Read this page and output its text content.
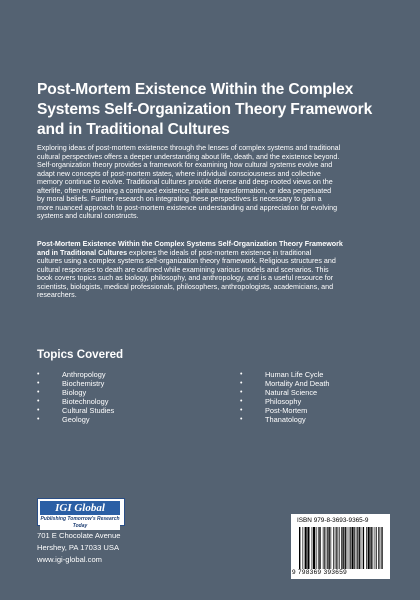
Post-Mortem Existence Within the Complex
Systems Self-Organization Theory Framework
and in Traditional Cultures

Exploring ideas of post-mortem existence through the lenses of complex systems and traditional
cultural perspectives offers a deeper understanding about life, death, and the existence beyond.
Self-organization theory provides a framework for examining how cultural systems evolve and
adapt new concepts of post-mortem states, where individual consciousness and collective
memory continue to evolve. Traditional cultures provide diverse and deep-rooted views on the
afterlife, often envisioning a continued existence, spiritual transformation, or idea perpetuated
by moral beliefs. Further research on integrating these perspectives is necessary to gain a
more nuanced approach to post-mortem existence understanding and appreciation for evolving
systems and cultural constructs.

Post-Mortem Existence Within the Complex Systems Self-Organization Theory Framework
and in Traditional Cultures explores the ideals of post-mortem existence in traditional
cultures using a complex systems self-organization theory framework. Religious structures and
cultural responses to death are outlined while examining various models and scenarios. This
book covers topics such as biology, philosophy, and anthropology, and is a useful resource for
scientists, biologists, medical professionals, philosophers, anthropologists, academicians, and
researchers.

Topics Covered
•	Anthropology
•	Biochemistry
•	Biology
•	Biotechnology
•	Cultural Studies
•	Geology
•	Human Life Cycle
•	Mortality And Death
•	Natural Science
•	Philosophy
•	Post-Mortem
•	Thanatology
IGI Global
Publishing Tomorrow's Research Today

701 E Chocolate Avenue
Hershey, PA 17033 USA
www.igi-global.com

ISBN 979-8-3693-9365-9
9 798369 393659
